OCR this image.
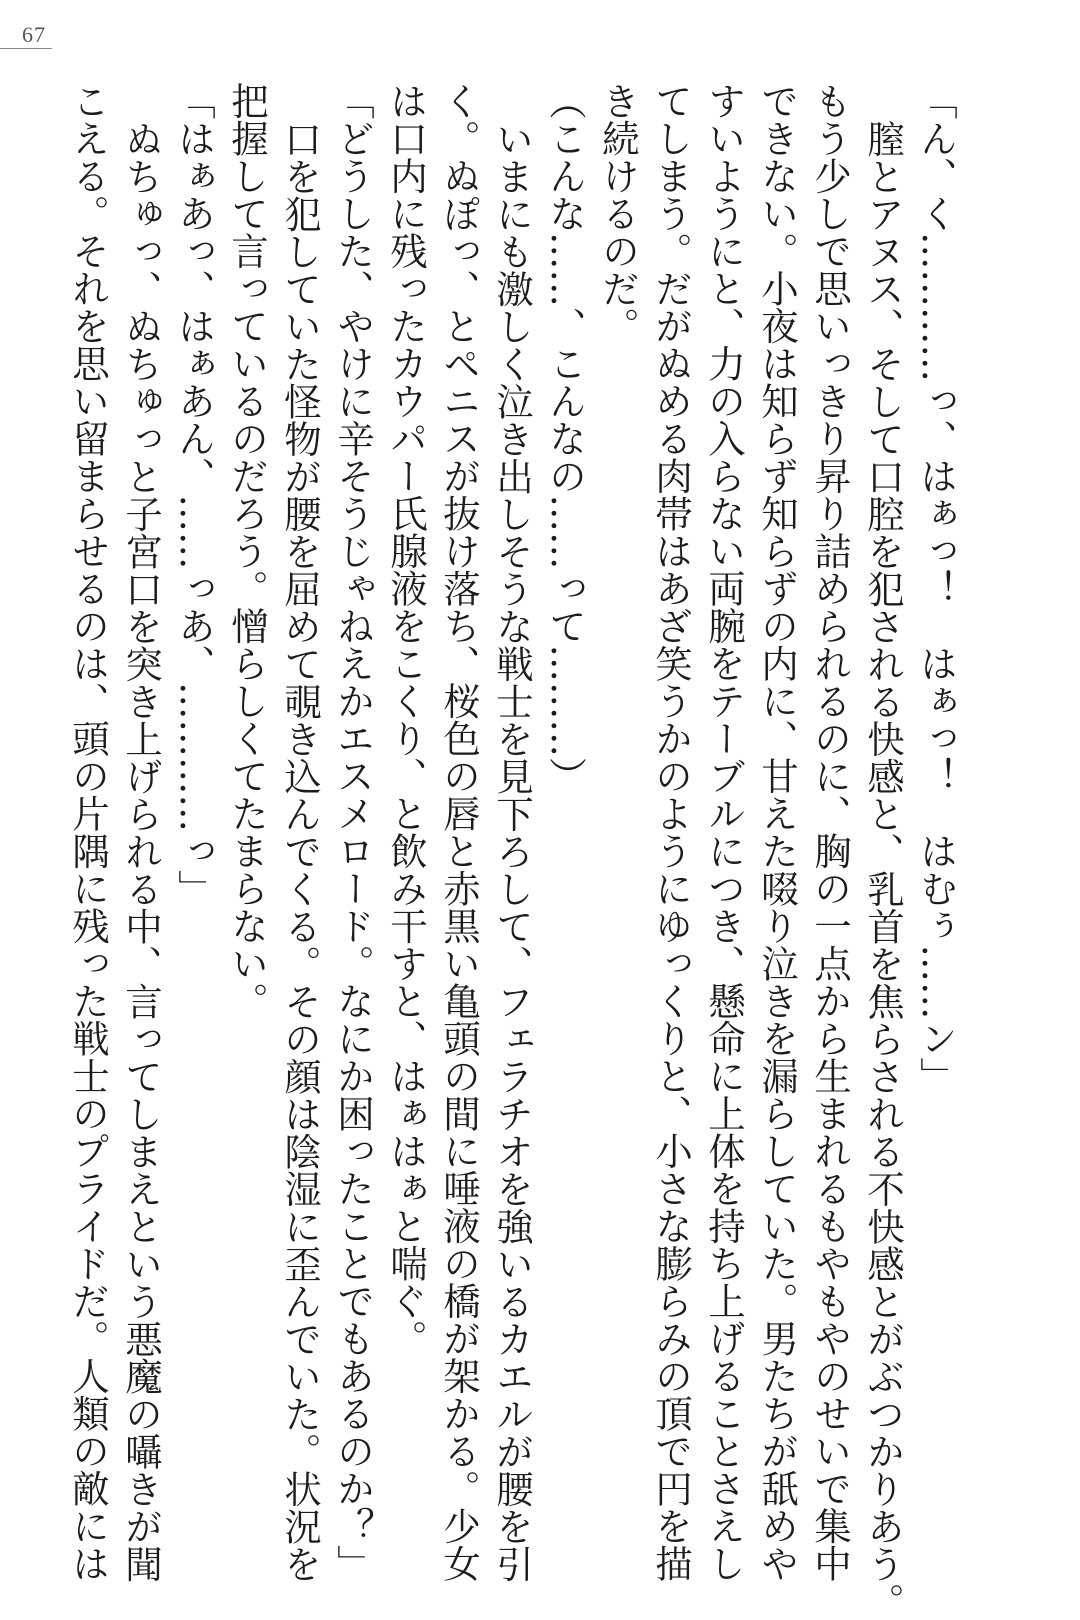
67
「ん、く…………っ、はぁっ！　はぁっ！　はむぅ……ン」
膣とアヌス、そして口腔を犯される快感と、乳首を焦らされる不快感とがぶつかりあう。
もう少しで思いっきり昇り詰められるのに、胸の一点から生まれるもやもやのせいで集中
できない。小夜は知らず知らずの内に、甘えた啜り泣きを漏らしていた。男たちが舐めや
すいようにと、力の入らない両腕をテーブルにつき、懸命に上体を持ち上げることさえし
てしまう。だがぬめる肉帯はあざ笑うかのようにゆっくりと、小さな膨らみの頂で円を描
き続けるのだ。
（こんな……、こんなの……って………）
いまにも激しく泣き出しそうな戦士を見下ろして、フェラチオを強いるカエルが腰を引
く。ぬぽっ、とペニスが抜け落ち、桜色の唇と赤黒い亀頭の間に唾液の橋が架かる。少女
は口内に残ったカウパー氏腺液をこくり、と飲み干すと、はぁはぁと喘ぐ。
「どうした、やけに辛そうじゃねえかエスメロード。なにか困ったことでもあるのか？」
口を犯していた怪物が腰を屈めて覗き込んでくる。その顔は陰湿に歪んでいた。状況を
把握して言っているのだろう。憎らしくてたまらない。
「はぁあっ、はぁあん、……っあ、…………っ」
ぬちゅっ、ぬちゅっと子宮口を突き上げられる中、言ってしまえという悪魔の囁きが聞
こえる。それを思い留まらせるのは、頭の片隅に残った戦士のプライドだ。人類の敵には
